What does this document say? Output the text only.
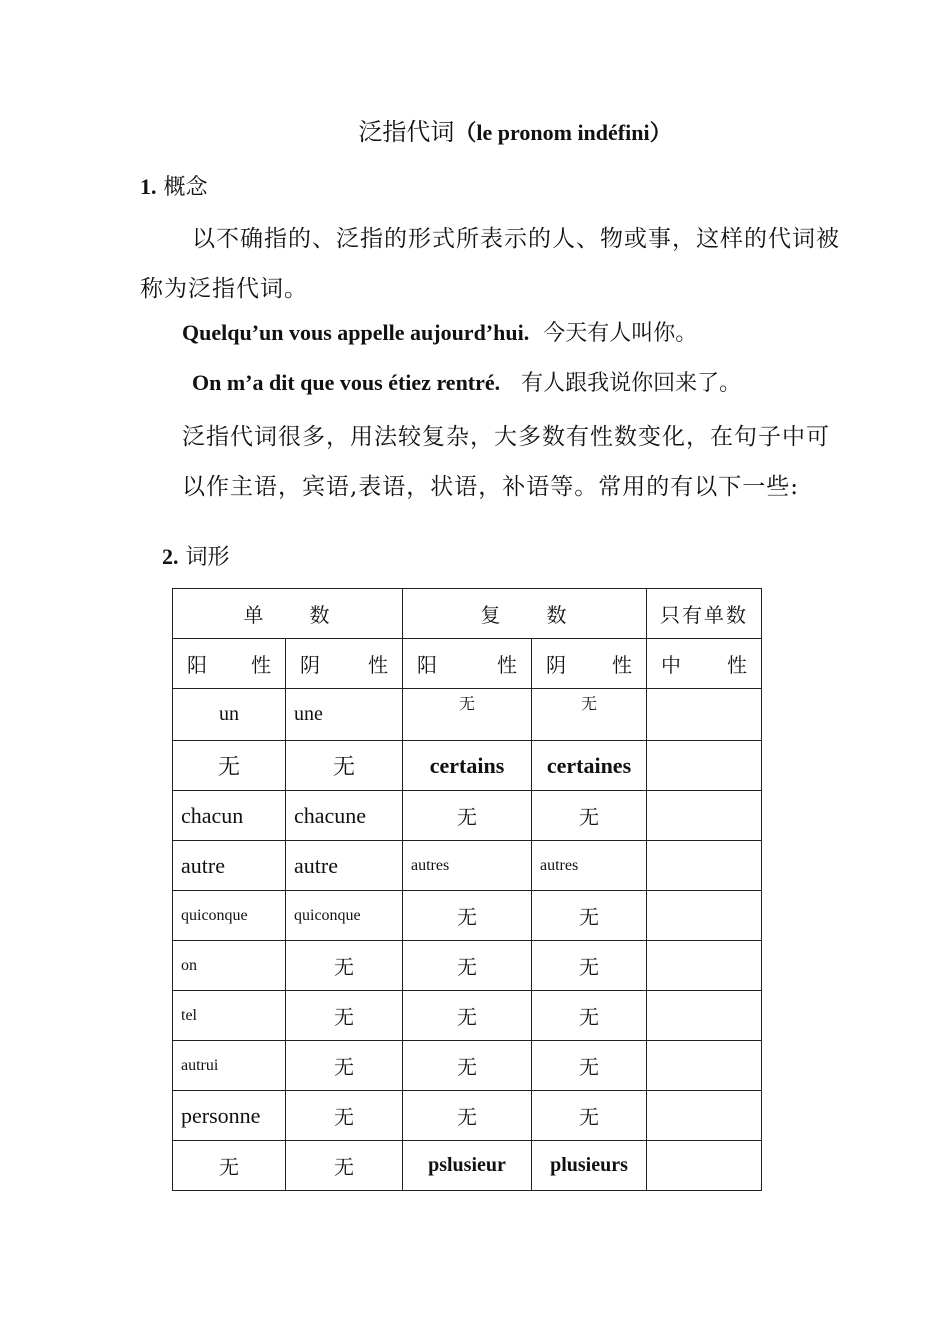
泛指代词（le pronom indéfini）
1. 概念
以不确指的、泛指的形式所表示的人、物或事，这样的代词被称为泛指代词。
Quelqu’un vous appelle aujourd’hui. 今天有人叫你。
On m’a dit que vous étiez rentré. 有人跟我说你回来了。
泛指代词很多，用法较复杂，大多数有性数变化，在句子中可以作主语，宾语,表语，状语，补语等。常用的有以下一些:
2. 词形
单　　数		复　　数		只有单数

阳 性	阴 性	阳 性	阴 性	中 性

un	une	无	无	
无	无	certains	certaines	
chacun	chacune	无	无	
autre	autre	autres	autres	
quiconque	quiconque	无	无	
on	无	无	无	
tel	无	无	无	
autrui	无	无	无	
personne	无	无	无	
无	无	pslusieur	plusieurs	
